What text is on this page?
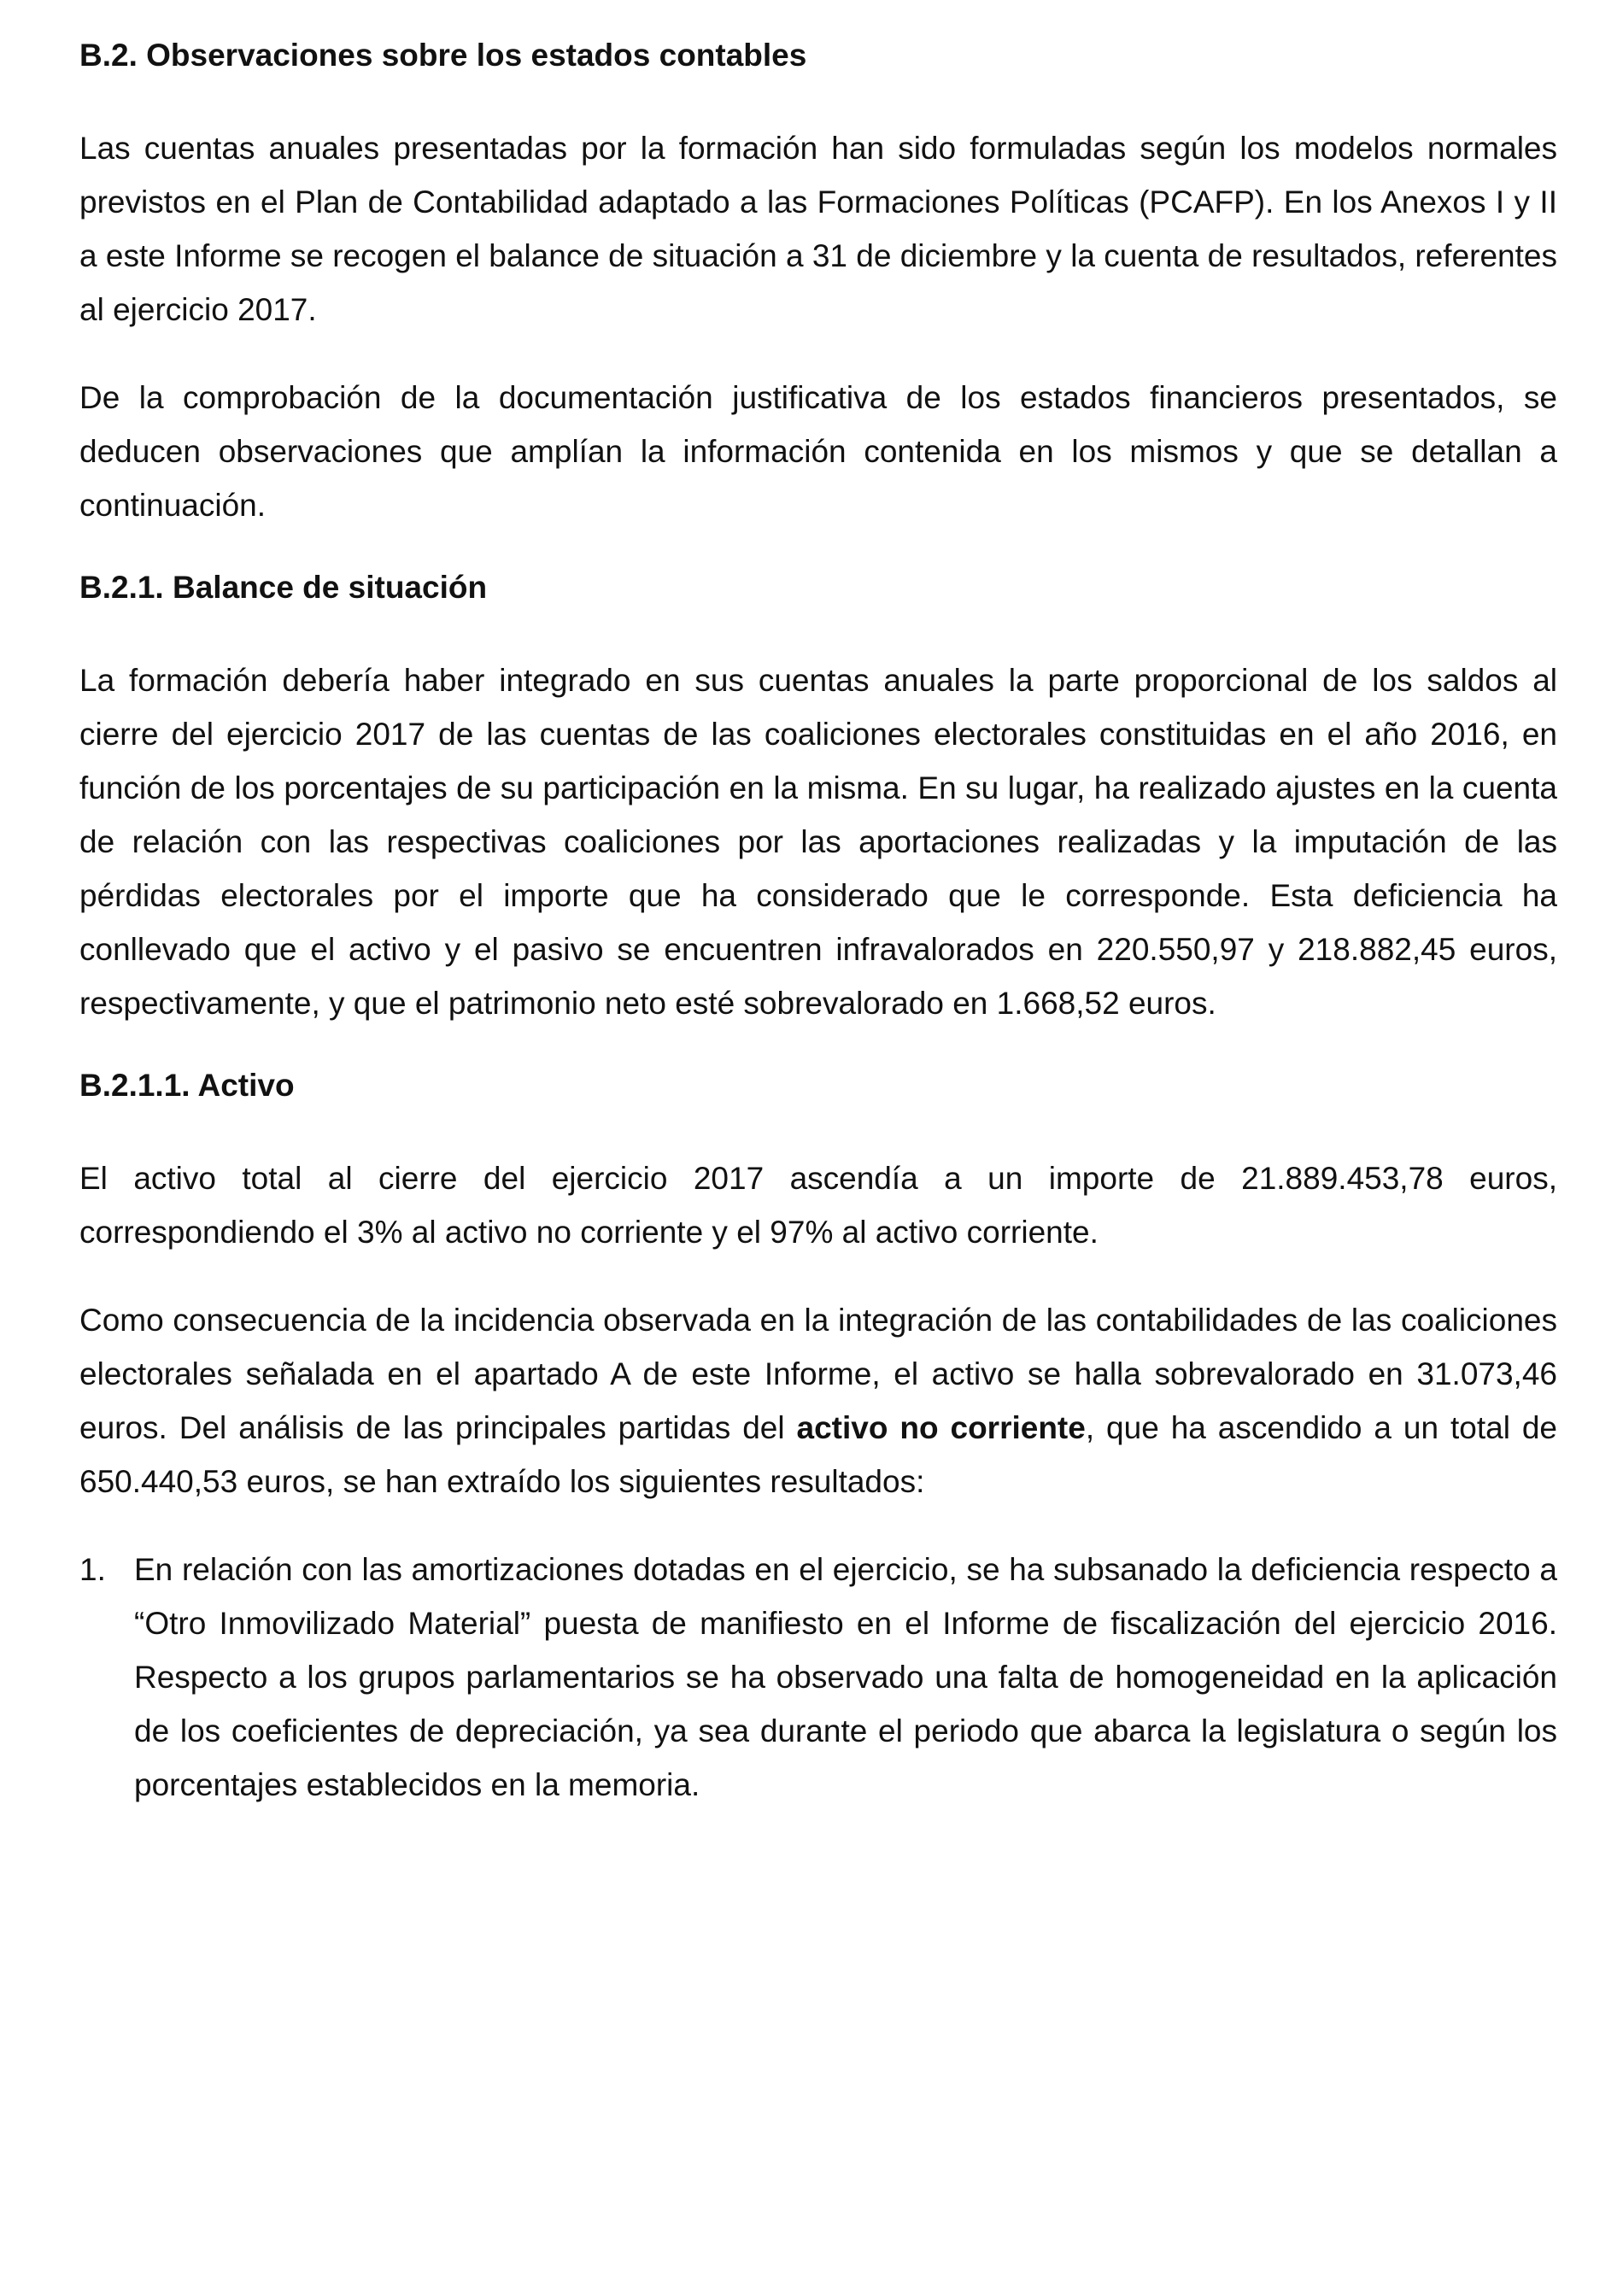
B.2. Observaciones sobre los estados contables

Las cuentas anuales presentadas por la formación han sido formuladas según los modelos normales previstos en el Plan de Contabilidad adaptado a las Formaciones Políticas (PCAFP). En los Anexos I y II a este Informe se recogen el balance de situación a 31 de diciembre y la cuenta de resultados, referentes al ejercicio 2017.

De la comprobación de la documentación justificativa de los estados financieros presentados, se deducen observaciones que amplían la información contenida en los mismos y que se detallan a continuación.

B.2.1. Balance de situación

La formación debería haber integrado en sus cuentas anuales la parte proporcional de los saldos al cierre del ejercicio 2017 de las cuentas de las coaliciones electorales constituidas en el año 2016, en función de los porcentajes de su participación en la misma. En su lugar, ha realizado ajustes en la cuenta de relación con las respectivas coaliciones por las aportaciones realizadas y la imputación de las pérdidas electorales por el importe que ha considerado que le corresponde. Esta deficiencia ha conllevado que el activo y el pasivo se encuentren infravalorados en 220.550,97 y 218.882,45 euros, respectivamente, y que el patrimonio neto esté sobrevalorado en 1.668,52 euros.

B.2.1.1. Activo

El activo total al cierre del ejercicio 2017 ascendía a un importe de 21.889.453,78 euros, correspondiendo el 3% al activo no corriente y el 97% al activo corriente.

Como consecuencia de la incidencia observada en la integración de las contabilidades de las coaliciones electorales señalada en el apartado A de este Informe, el activo se halla sobrevalorado en 31.073,46 euros. Del análisis de las principales partidas del activo no corriente, que ha ascendido a un total de 650.440,53 euros, se han extraído los siguientes resultados:

1. En relación con las amortizaciones dotadas en el ejercicio, se ha subsanado la deficiencia respecto a “Otro Inmovilizado Material” puesta de manifiesto en el Informe de fiscalización del ejercicio 2016. Respecto a los grupos parlamentarios se ha observado una falta de homogeneidad en la aplicación de los coeficientes de depreciación, ya sea durante el periodo que abarca la legislatura o según los porcentajes establecidos en la memoria.
